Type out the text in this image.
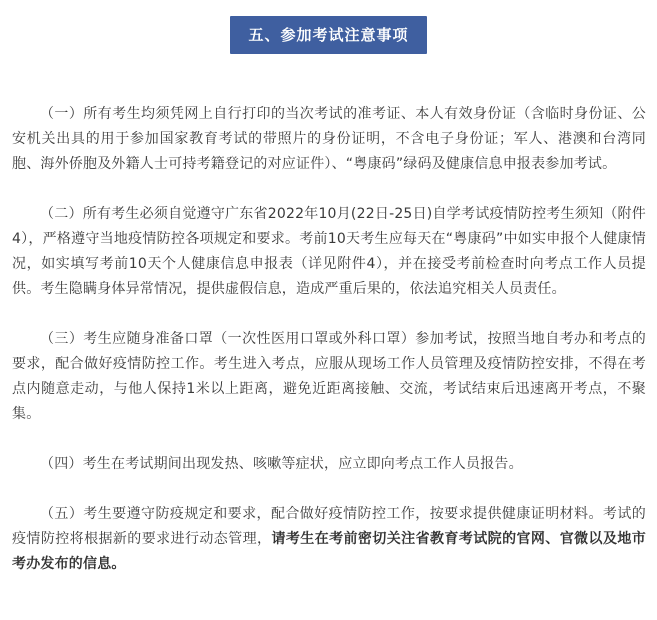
五、参加考试注意事项

（一）所有考生均须凭网上自行打印的当次考试的准考证、本人有效身份证（含临时身份证、公安机关出具的用于参加国家教育考试的带照片的身份证明，不含电子身份证；军人、港澳和台湾同胞、海外侨胞及外籍人士可持考籍登记的对应证件）、“粤康码”绿码及健康信息申报表参加考试。

（二）所有考生必须自觉遵守广东省2022年10月(22日-25日)自学考试疫情防控考生须知（附件4），严格遵守当地疫情防控各项规定和要求。考前10天考生应每天在“粤康码”中如实申报个人健康情况，如实填写考前10天个人健康信息申报表（详见附件4），并在接受考前检查时向考点工作人员提供。考生隐瞒身体异常情况，提供虚假信息，造成严重后果的，依法追究相关人员责任。

（三）考生应随身准备口罩（一次性医用口罩或外科口罩）参加考试，按照当地自考办和考点的要求，配合做好疫情防控工作。考生进入考点，应服从现场工作人员管理及疫情防控安排，不得在考点内随意走动，与他人保持1米以上距离，避免近距离接触、交流，考试结束后迅速离开考点，不聚集。

（四）考生在考试期间出现发热、咳嗽等症状，应立即向考点工作人员报告。

（五）考生要遵守防疫规定和要求，配合做好疫情防控工作，按要求提供健康证明材料。考试的疫情防控将根据新的要求进行动态管理，请考生在考前密切关注省教育考试院的官网、官微以及地市考办发布的信息。
